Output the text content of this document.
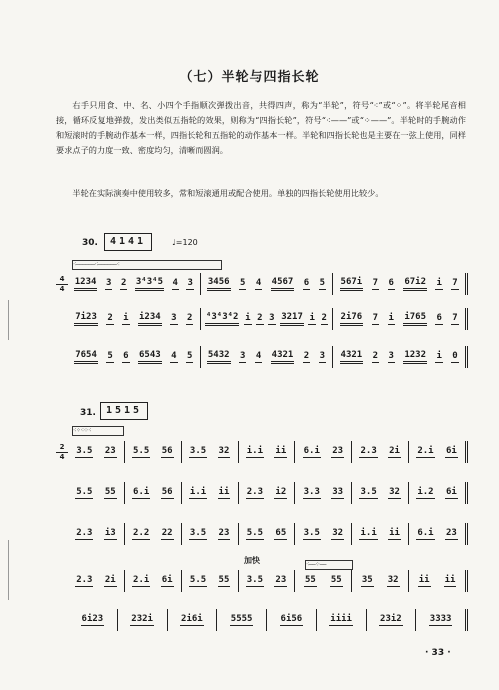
（七）半轮与四指长轮
右手只用食、中、名、小四个手指顺次弹拨出音，共得四声，称为“半轮”，符号“⁖”或“⁘”。将半轮尾音相接，循环反复地弹拨，发出类似五指轮的效果，则称为“四指长轮”，符号“⁖——”或“⁘——”。半轮时的手腕动作和短滚时的手腕动作基本一样，四指长轮和五指轮的动作基本一样。半轮和四指长轮也是主要在一弦上使用，同样要求点子的力度一致、密度均匀，清晰而圆润。
半轮在实际演奏中使用较多，常和短滚通用或配合使用。单独的四指长轮使用比较少。
30.	4141	♩=120
⁖——————⁖——————⁖
4
4
1234 3 2 3⁴3⁴5 4 3 3456 5 4 4567 6 5 567i 7 6 67i2 i 7
7i23 2 i i234 3 2 ⁴3⁴3⁴2 i 2 3 3217 i 2 2i76 7 i i765 6 7
7654 5 6 6543 4 5 5432 3 4 4321 2 3 4321 2 3 1232 i 0
31.	1515
⁖⁘⁖⁘⁖
加快	⁖——⁘——
2
4
3.5 23 5.5 56 3.5 32 i.i ii 6.i 23 2.3 2i 2.i 6i
5.5 55 6.i 56 i.i ii 2.3 i2 3.3 33 3.5 32 i.2 6i
2.3 i3 2.2 22 3.5 23 5.5 65 3.5 32 i.i ii 6.i 23
2.3 2i 2.i 6i 5.5 55 3.5 23 55 55 35 32 ii ii
6i23	232i	2i6i	5555	6i56	iiii	23i2	3333
· 33 ·
